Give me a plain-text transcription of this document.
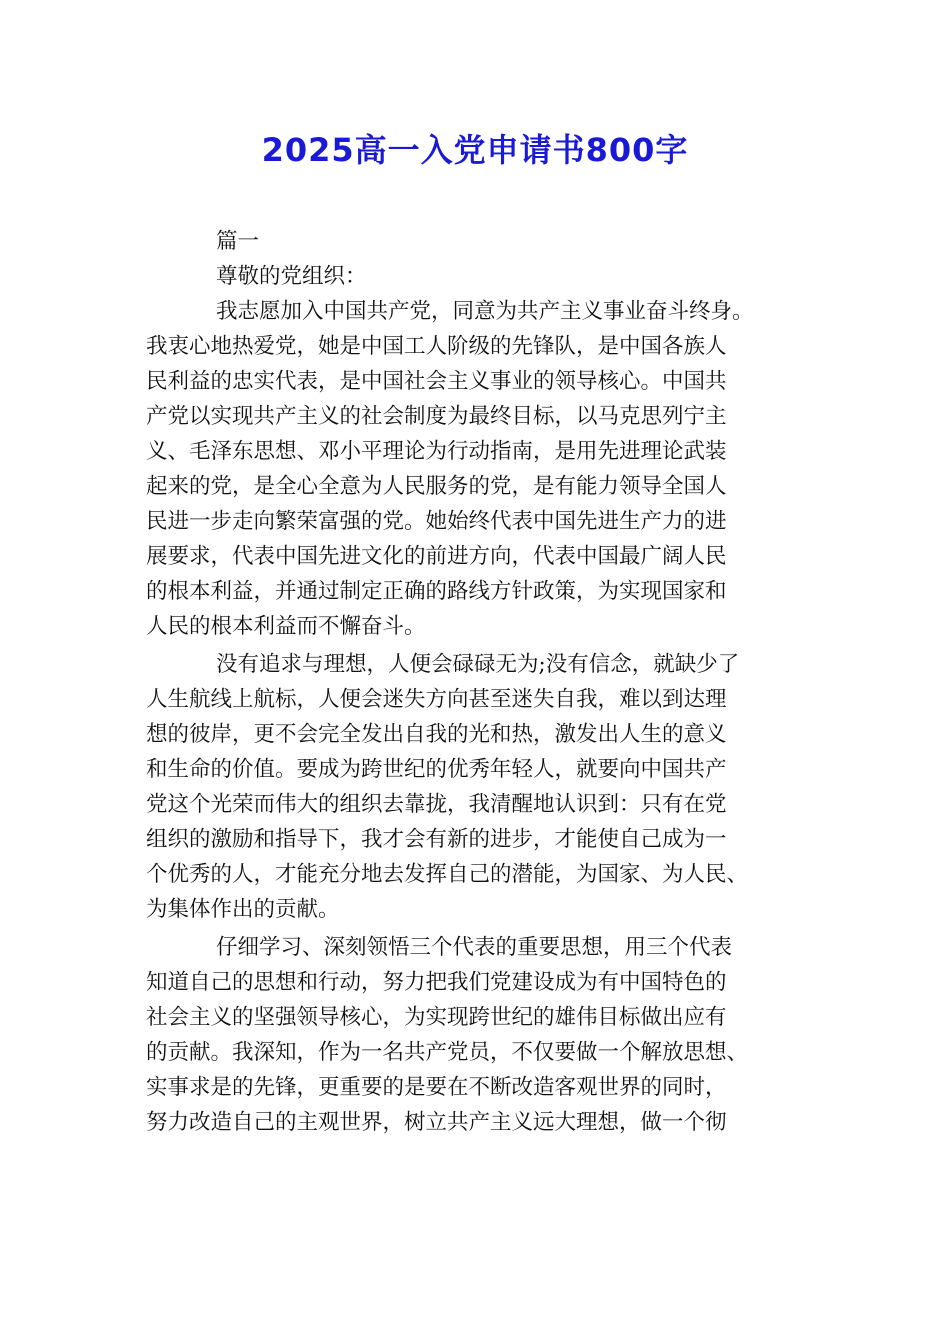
2025高一入党申请书800字
篇一
尊敬的党组织：
我志愿加入中国共产党，同意为共产主义事业奋斗终身。
我衷心地热爱党，她是中国工人阶级的先锋队，是中国各族人
民利益的忠实代表，是中国社会主义事业的领导核心。中国共
产党以实现共产主义的社会制度为最终目标，以马克思列宁主
义、毛泽东思想、邓小平理论为行动指南，是用先进理论武装
起来的党，是全心全意为人民服务的党，是有能力领导全国人
民进一步走向繁荣富强的党。她始终代表中国先进生产力的进
展要求，代表中国先进文化的前进方向，代表中国最广阔人民
的根本利益，并通过制定正确的路线方针政策，为实现国家和
人民的根本利益而不懈奋斗。
没有追求与理想，人便会碌碌无为;没有信念，就缺少了
人生航线上航标，人便会迷失方向甚至迷失自我，难以到达理
想的彼岸，更不会完全发出自我的光和热，激发出人生的意义
和生命的价值。要成为跨世纪的优秀年轻人，就要向中国共产
党这个光荣而伟大的组织去靠拢，我清醒地认识到：只有在党
组织的激励和指导下，我才会有新的进步，才能使自己成为一
个优秀的人，才能充分地去发挥自己的潜能，为国家、为人民、
为集体作出的贡献。
仔细学习、深刻领悟三个代表的重要思想，用三个代表
知道自己的思想和行动，努力把我们党建设成为有中国特色的
社会主义的坚强领导核心，为实现跨世纪的雄伟目标做出应有
的贡献。我深知，作为一名共产党员，不仅要做一个解放思想、
实事求是的先锋，更重要的是要在不断改造客观世界的同时，
努力改造自己的主观世界，树立共产主义远大理想，做一个彻
